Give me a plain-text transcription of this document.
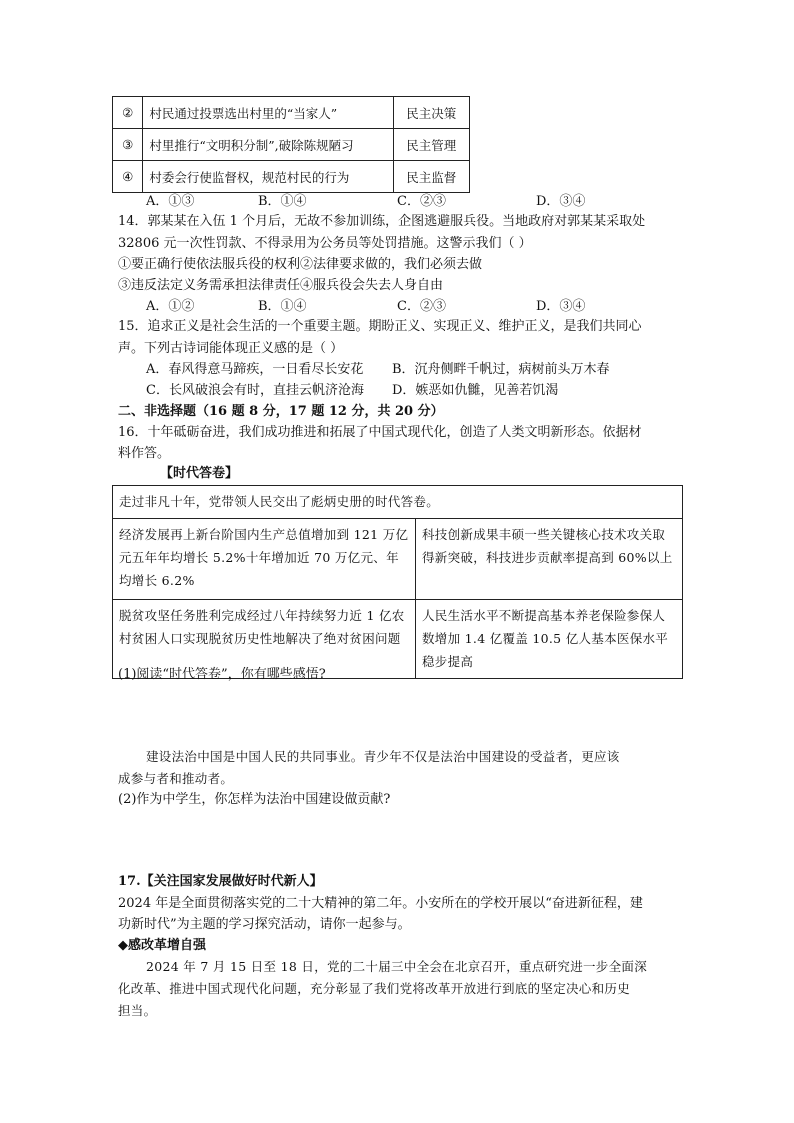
②	村民通过投票选出村里的“当家人”	民主决策
③	村里推行“文明积分制”,破除陈规陋习	民主管理
④	村委会行使监督权，规范村民的行为	民主监督
A．①③	B．①④	C．②③	D．③④
14．郭某某在入伍 1 个月后，无故不参加训练，企图逃避服兵役。当地政府对郭某某采取处
32806 元一次性罚款、不得录用为公务员等处罚措施。这警示我们（ ）
①要正确行使依法服兵役的权利②法律要求做的，我们必须去做
③违反法定义务需承担法律责任④服兵役会失去人身自由
A．①②	B．①④	C．②③	D．③④
15．追求正义是社会生活的一个重要主题。期盼正义、实现正义、维护正义，是我们共同心
声。下列古诗词能体现正义感的是（ ）
A．春风得意马蹄疾，一日看尽长安花 B．沉舟侧畔千帆过，病树前头万木春
C．长风破浪会有时，直挂云帆济沧海 D．嫉恶如仇雠，见善若饥渴
二、非选择题（16 题 8 分，17 题 12 分，共 20 分）
16．十年砥砺奋进，我们成功推进和拓展了中国式现代化，创造了人类文明新形态。依据材
料作答。
【时代答卷】
走过非凡十年，党带领人民交出了彪炳史册的时代答卷。	
经济发展再上新台阶国内生产总值增加到 121 万亿元五年年均增长 5.2%十年增加近 70 万亿元、年均增长 6.2%	科技创新成果丰硕一些关键核心技术攻关取得新突破，科技进步贡献率提高到 60%以上
脱贫攻坚任务胜利完成经过八年持续努力近 1 亿农村贫困人口实现脱贫历史性地解决了绝对贫困问题	人民生活水平不断提高基本养老保险参保人数增加 1.4 亿覆盖 10.5 亿人基本医保水平稳步提高
(1)阅读“时代答卷”，你有哪些感悟?
建设法治中国是中国人民的共同事业。青少年不仅是法治中国建设的受益者，更应该
成参与者和推动者。
(2)作为中学生，你怎样为法治中国建设做贡献?
17.【关注国家发展做好时代新人】
2024 年是全面贯彻落实党的二十大精神的第二年。小安所在的学校开展以“奋进新征程，建
功新时代”为主题的学习探究活动，请你一起参与。
◆感改革增自强
2024 年 7 月 15 日至 18 日，党的二十届三中全会在北京召开，重点研究进一步全面深
化改革、推进中国式现代化问题，充分彰显了我们党将改革开放进行到底的坚定决心和历史
担当。
